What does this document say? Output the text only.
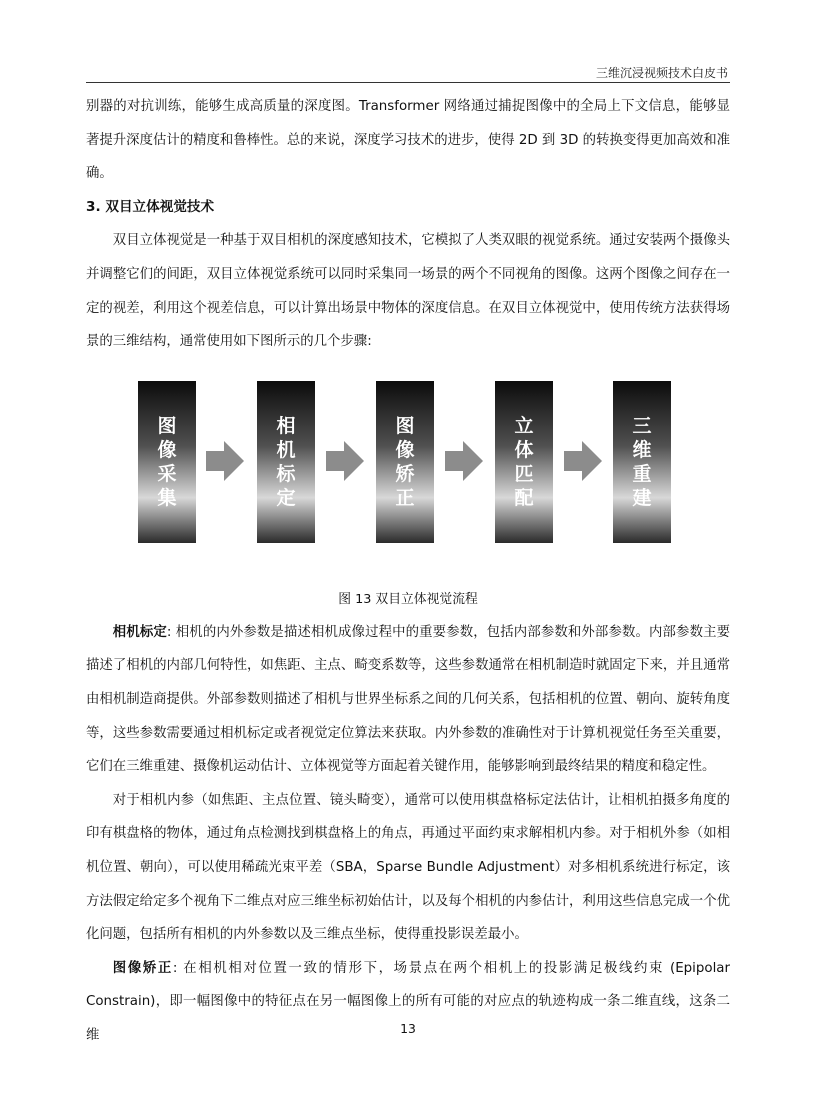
三维沉浸视频技术白皮书

别器的对抗训练，能够生成高质量的深度图。Transformer 网络通过捕捉图像中的全局上下文信息，能够显著提升深度估计的精度和鲁棒性。总的来说，深度学习技术的进步，使得 2D 到 3D 的转换变得更加高效和准确。

3. 双目立体视觉技术

双目立体视觉是一种基于双目相机的深度感知技术，它模拟了人类双眼的视觉系统。通过安装两个摄像头并调整它们的间距，双目立体视觉系统可以同时采集同一场景的两个不同视角的图像。这两个图像之间存在一定的视差，利用这个视差信息，可以计算出场景中物体的深度信息。在双目立体视觉中，使用传统方法获得场景的三维结构，通常使用如下图所示的几个步骤:

图像采集
相机标定
图像矫正
立体匹配
三维重建
图 13 双目立体视觉流程

相机标定: 相机的内外参数是描述相机成像过程中的重要参数，包括内部参数和外部参数。内部参数主要描述了相机的内部几何特性，如焦距、主点、畸变系数等，这些参数通常在相机制造时就固定下来，并且通常由相机制造商提供。外部参数则描述了相机与世界坐标系之间的几何关系，包括相机的位置、朝向、旋转角度等，这些参数需要通过相机标定或者视觉定位算法来获取。内外参数的准确性对于计算机视觉任务至关重要，它们在三维重建、摄像机运动估计、立体视觉等方面起着关键作用，能够影响到最终结果的精度和稳定性。

对于相机内参（如焦距、主点位置、镜头畸变），通常可以使用棋盘格标定法估计，让相机拍摄多角度的印有棋盘格的物体，通过角点检测找到棋盘格上的角点，再通过平面约束求解相机内参。对于相机外参（如相机位置、朝向），可以使用稀疏光束平差（SBA，Sparse Bundle Adjustment）对多相机系统进行标定，该方法假定给定多个视角下二维点对应三维坐标初始估计，以及每个相机的内参估计，利用这些信息完成一个优化问题，包括所有相机的内外参数以及三维点坐标，使得重投影误差最小。

图像矫正: 在相机相对位置一致的情形下，场景点在两个相机上的投影满足极线约束 (Epipolar Constrain)，即一幅图像中的特征点在另一幅图像上的所有可能的对应点的轨迹构成一条二维直线，这条二维	13
